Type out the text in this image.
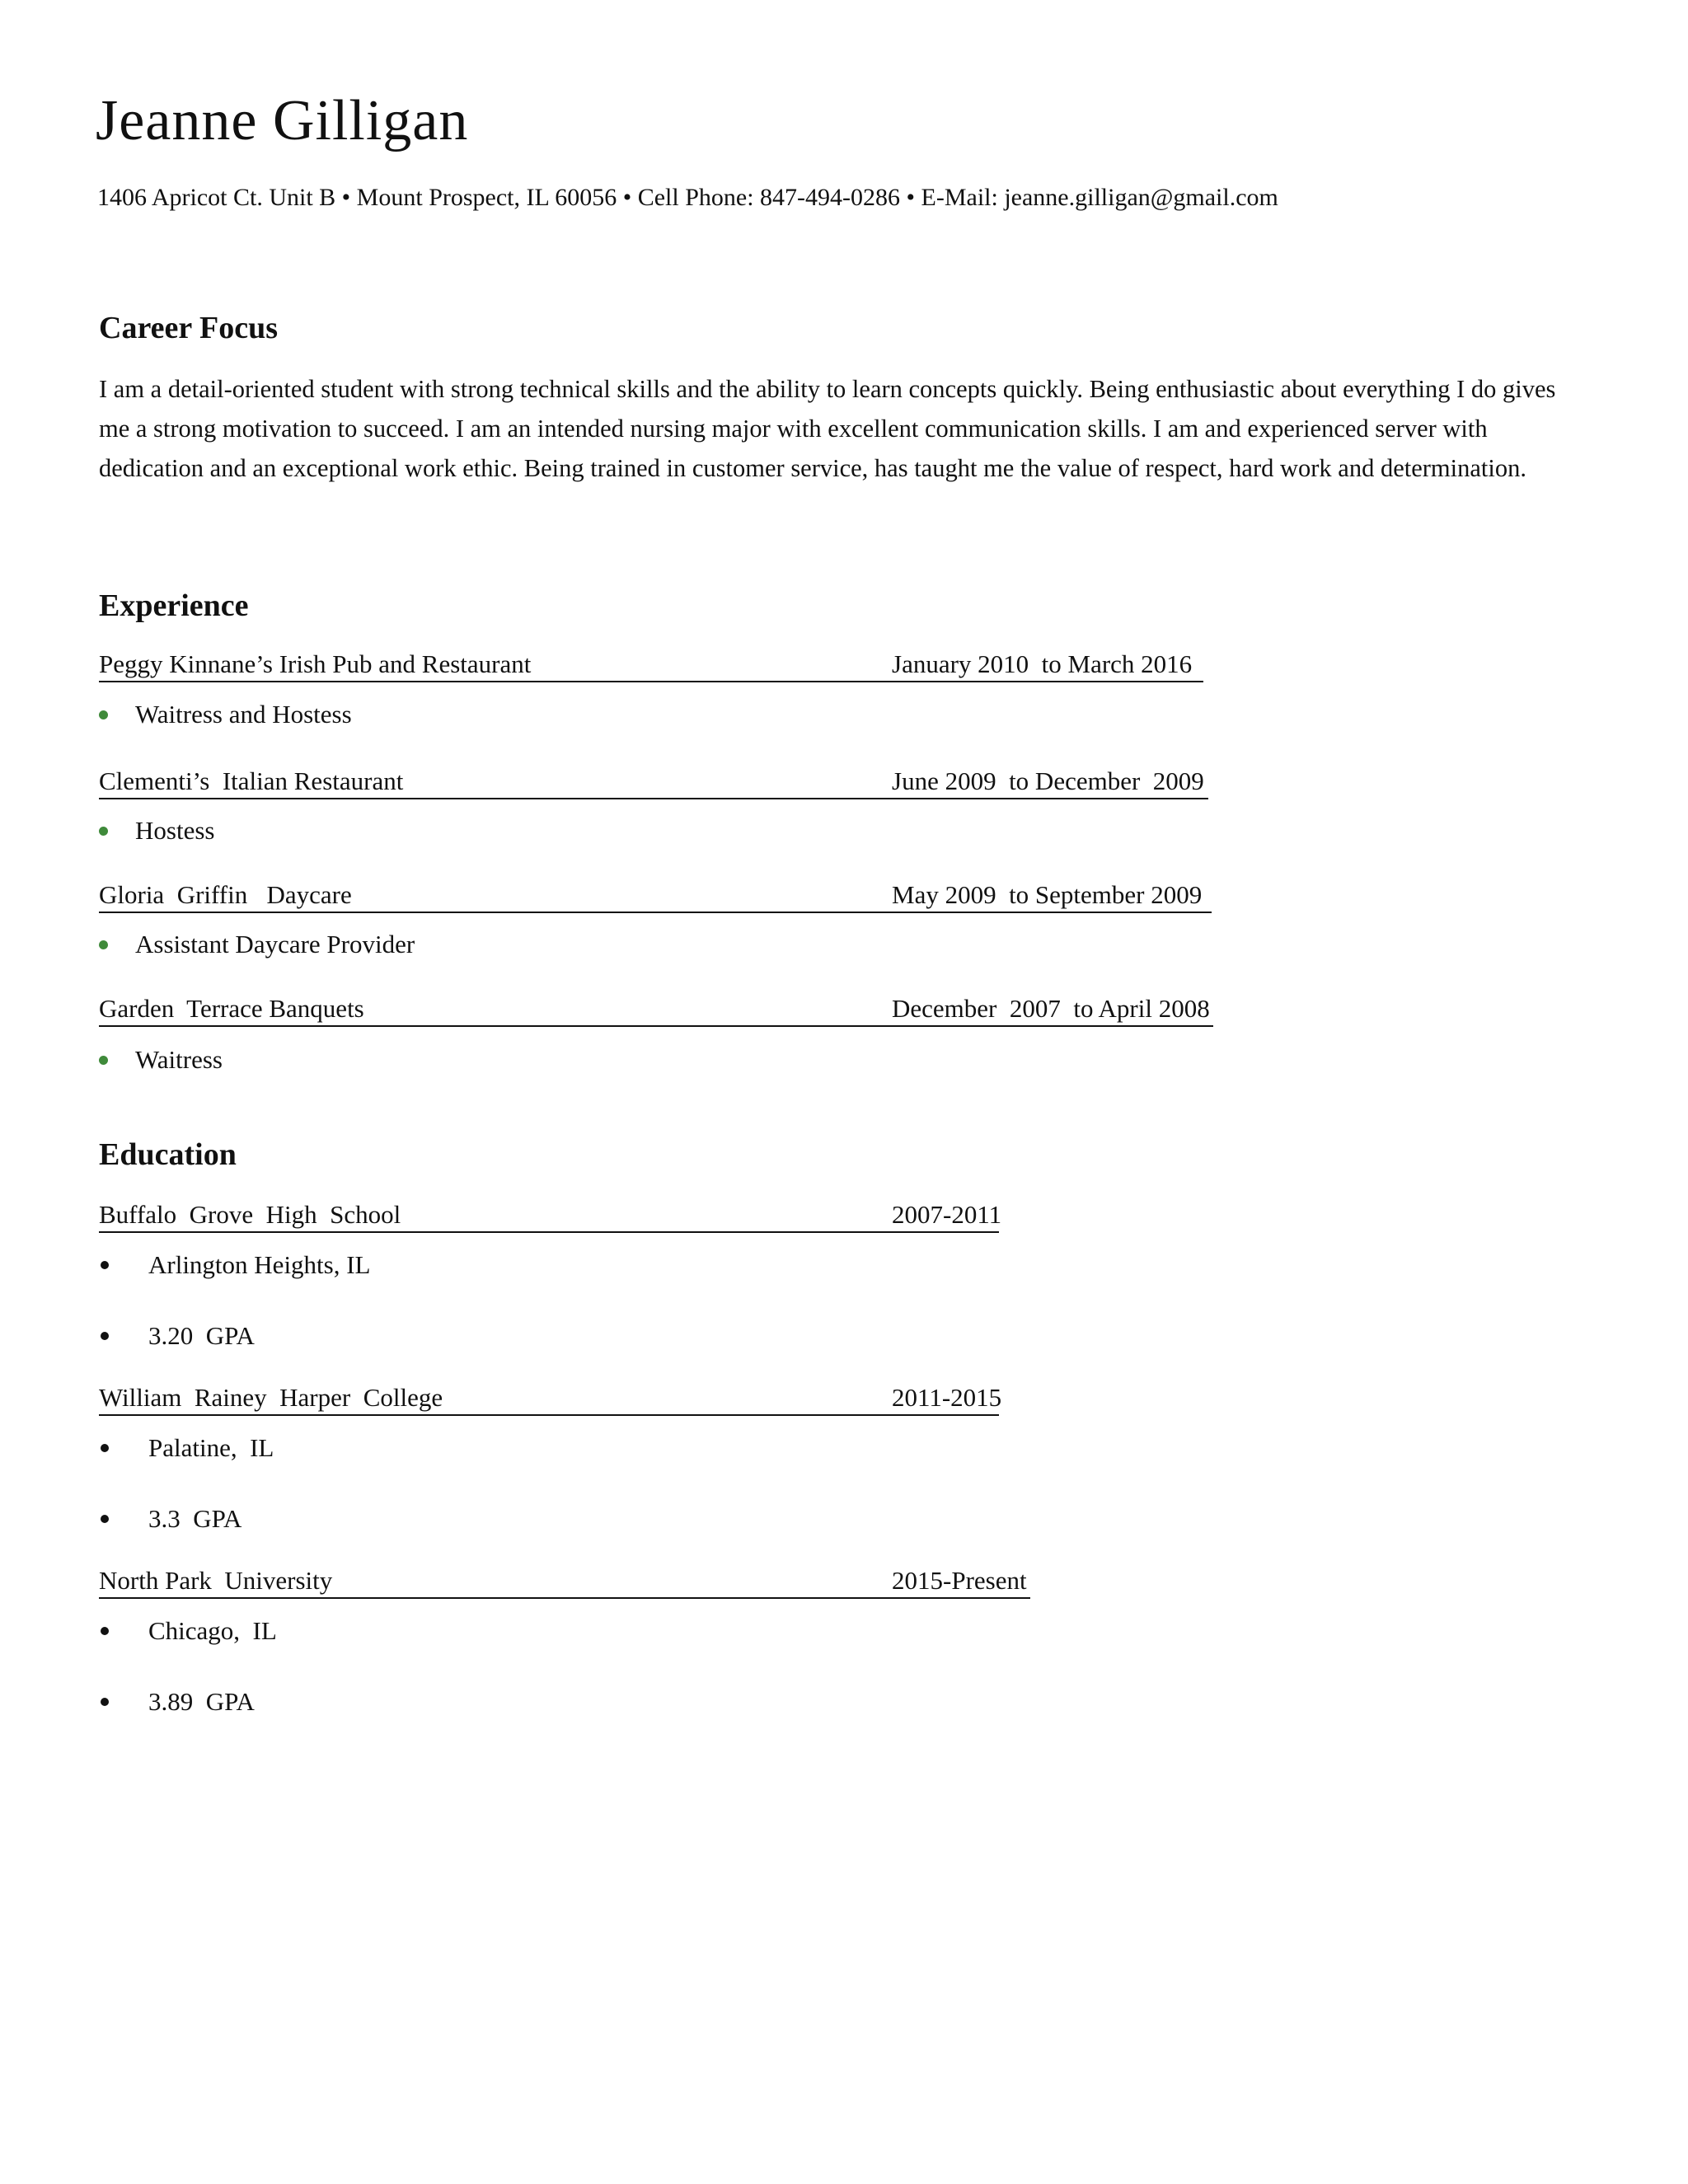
Jeanne Gilligan
1406 Apricot Ct. Unit B • Mount Prospect, IL 60056 • Cell Phone: 847-494-0286 • E-Mail: jeanne.gilligan@gmail.com
Career Focus

I am a detail-oriented student with strong technical skills and the ability to learn concepts quickly. Being enthusiastic about everything I do gives me a strong motivation to succeed. I am an intended nursing major with excellent communication skills. I am and experienced server with dedication and an exceptional work ethic. Being trained in customer service, has taught me the value of respect, hard work and determination.

Experience
Peggy Kinnane’s Irish Pub and Restaurant	January 2010  to March 2016
Waitress and Hostess
Clementi’s  Italian Restaurant	June 2009  to December  2009
Hostess
Gloria  Griffin   Daycare	May 2009  to September 2009
Assistant Daycare Provider
Garden  Terrace Banquets	December  2007  to April 2008
Waitress
Education
Buffalo  Grove  High  School	2007-2011
Arlington Heights, IL
3.20  GPA
William  Rainey  Harper  College	2011-2015
Palatine,  IL
3.3  GPA
North Park  University	2015-Present
Chicago,  IL
3.89  GPA
